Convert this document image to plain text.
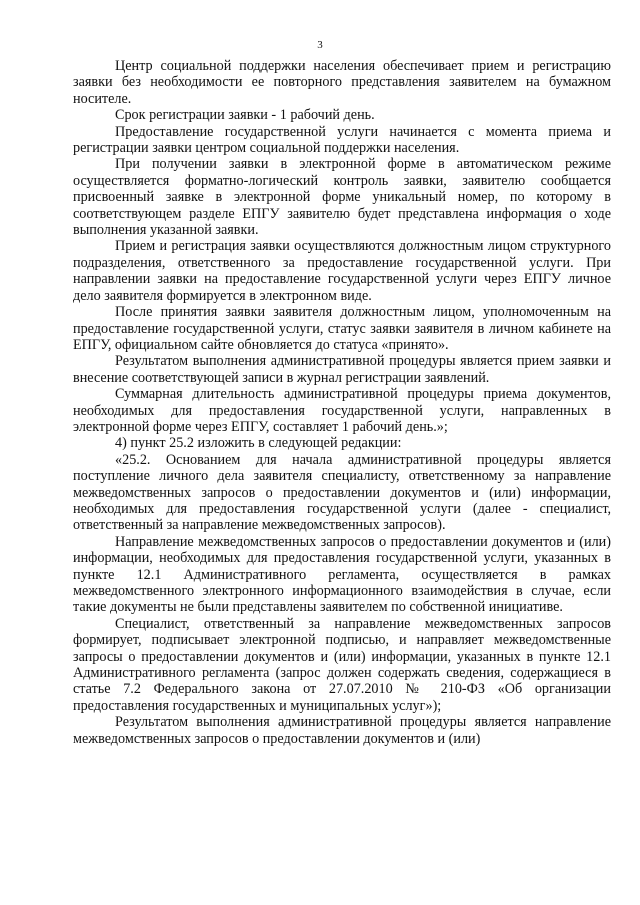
3

Центр социальной поддержки населения обеспечивает прием и регистрацию заявки без необходимости ее повторного представления заявителем на бумажном носителе.

Срок регистрации заявки - 1 рабочий день.

Предоставление государственной услуги начинается с момента приема и регистрации заявки центром социальной поддержки населения.

При получении заявки в электронной форме в автоматическом режиме осуществляется форматно-логический контроль заявки, заявителю сообщается присвоенный заявке в электронной форме уникальный номер, по которому в соответствующем разделе ЕПГУ заявителю будет представлена информация о ходе выполнения указанной заявки.

Прием и регистрация заявки осуществляются должностным лицом структурного подразделения, ответственного за предоставление государственной услуги. При направлении заявки на предоставление государственной услуги через ЕПГУ личное дело заявителя формируется в электронном виде.

После принятия заявки заявителя должностным лицом, уполномоченным на предоставление государственной услуги, статус заявки заявителя в личном кабинете на ЕПГУ, официальном сайте обновляется до статуса «принято».

Результатом выполнения административной процедуры является прием заявки и внесение соответствующей записи в журнал регистрации заявлений.

Суммарная длительность административной процедуры приема документов, необходимых для предоставления государственной услуги, направленных в электронной форме через ЕПГУ, составляет 1 рабочий день.»;

4) пункт 25.2 изложить в следующей редакции:

«25.2. Основанием для начала административной процедуры является поступление личного дела заявителя специалисту, ответственному за направление межведомственных запросов о предоставлении документов и (или) информации, необходимых для предоставления государственной услуги (далее - специалист, ответственный за направление межведомственных запросов).

Направление межведомственных запросов о предоставлении документов и (или) информации, необходимых для предоставления государственной услуги, указанных в пункте 12.1 Административного регламента, осуществляется в рамках межведомственного электронного информационного взаимодействия в случае, если такие документы не были представлены заявителем по собственной инициативе.

Специалист, ответственный за направление межведомственных запросов формирует, подписывает электронной подписью, и направляет межведомственные запросы о предоставлении документов и (или) информации, указанных в пункте 12.1 Административного регламента (запрос должен содержать сведения, содержащиеся в статье 7.2 Федерального закона от 27.07.2010 № 210-ФЗ «Об организации предоставления государственных и муниципальных услуг»);

Результатом выполнения административной процедуры является направление межведомственных запросов о предоставлении документов и (или)
